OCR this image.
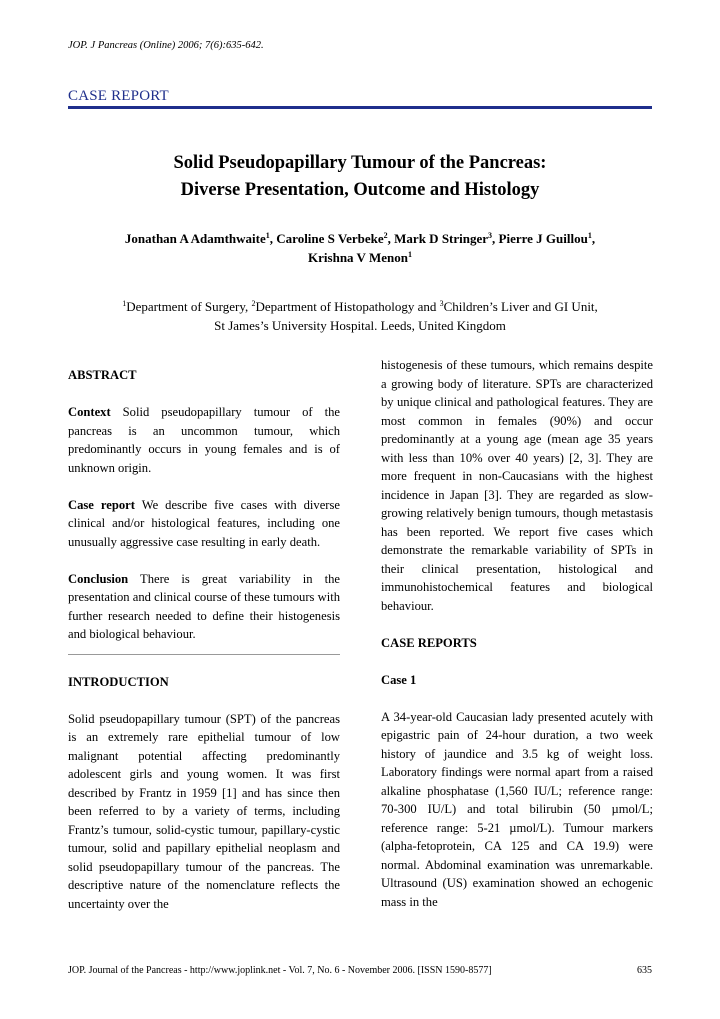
JOP. J Pancreas (Online) 2006; 7(6):635-642.
CASE REPORT
Solid Pseudopapillary Tumour of the Pancreas:
Diverse Presentation, Outcome and Histology
Jonathan A Adamthwaite$^1$, Caroline S Verbeke$^2$, Mark D Stringer$^3$, Pierre J Guillou$^1$,
Krishna V Menon$^1$
$^1$Department of Surgery, $^2$Department of Histopathology and $^3$Children’s Liver and GI Unit,
St James’s University Hospital. Leeds, United Kingdom

ABSTRACT

Context Solid pseudopapillary tumour of the pancreas is an uncommon tumour, which predominantly occurs in young females and is of unknown origin.

Case report We describe five cases with diverse clinical and/or histological features, including one unusually aggressive case resulting in early death.

Conclusion There is great variability in the presentation and clinical course of these tumours with further research needed to define their histogenesis and biological behaviour.

INTRODUCTION

Solid pseudopapillary tumour (SPT) of the pancreas is an extremely rare epithelial tumour of low malignant potential affecting predominantly adolescent girls and young women. It was first described by Frantz in 1959 [1] and has since then been referred to by a variety of terms, including Frantz’s tumour, solid-cystic tumour, papillary-cystic tumour, solid and papillary epithelial neoplasm and solid pseudopapillary tumour of the pancreas. The descriptive nature of the nomenclature reflects the uncertainty over the

histogenesis of these tumours, which remains despite a growing body of literature. SPTs are characterized by unique clinical and pathological features. They are most common in females (90%) and occur predominantly at a young age (mean age 35 years with less than 10% over 40 years) [2, 3]. They are more frequent in non-Caucasians with the highest incidence in Japan [3]. They are regarded as slow-growing relatively benign tumours, though metastasis has been reported. We report five cases which demonstrate the remarkable variability of SPTs in their clinical presentation, histological and immunohistochemical features and biological behaviour.

CASE REPORTS

Case 1

A 34-year-old Caucasian lady presented acutely with epigastric pain of 24-hour duration, a two week history of jaundice and 3.5 kg of weight loss. Laboratory findings were normal apart from a raised alkaline phosphatase (1,560 IU/L; reference range: 70-300 IU/L) and total bilirubin (50 µmol/L; reference range: 5-21 µmol/L). Tumour markers (alpha-fetoprotein, CA 125 and CA 19.9) were normal. Abdominal examination was unremarkable. Ultrasound (US) examination showed an echogenic mass in the

JOP. Journal of the Pancreas - http://www.joplink.net - Vol. 7, No. 6 - November 2006. [ISSN 1590-8577]	635
